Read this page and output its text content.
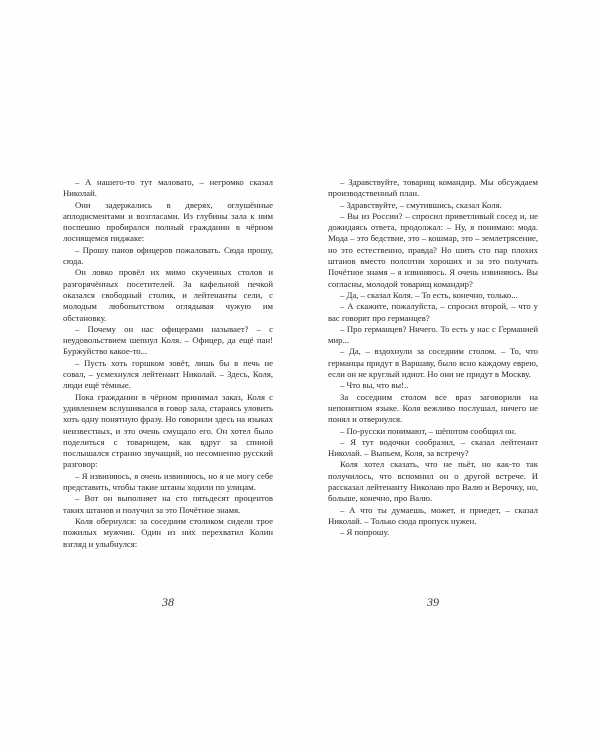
– А нашего-то тут маловато, – негромко сказал Николай.

Они задержались в дверях, оглушённые аплодисментами и возгласами. Из глубины зала к ним поспешно пробирался полный гражданин в чёрном лоснящемся пиджаке:

– Прошу панов офицеров пожаловать. Сюда прошу, сюда.

Он ловко провёл их мимо скученных столов и разгорячённых посетителей. За кафельной печкой оказался свободный столик, и лейтенанты сели, с молодым любопытством оглядывая чужую им обстановку.

– Почему он нас офицерами называет? – с неудовольствием шепнул Коля. – Офицер, да ещё пан! Буржуйство какое-то...

– Пусть хоть горшком зовёт, лишь бы в печь не совал, – усмехнулся лейтенант Николай. – Здесь, Коля, люди ещё тёмные.

Пока гражданин в чёрном принимал заказ, Коля с удивлением вслушивался в говор зала, стараясь уловить хоть одну понятную фразу. Но говорили здесь на языках неизвестных, и это очень смущало его. Он хотел было поделиться с товарищем, как вдруг за спиной послышался странно звучащий, но несомненно русский разговор:

– Я извиняюсь, я очень извиняюсь, но я не могу себе представить, чтобы такие штаны ходили по улицам.

– Вот он выполняет на сто пятьдесят процентов таких штанов и получил за это Почётное знамя.

Коля обернулся: за соседним столиком сидели трое пожилых мужчин. Один из них перехватил Колин взгляд и улыбнулся:

38

– Здравствуйте, товарищ командир. Мы обсуждаем производственный план.

– Здравствуйте, – смутившись, сказал Коля.

– Вы из России? – спросил приветливый сосед и, не дожидаясь ответа, продолжал: – Ну, я понимаю: мода. Мода – это бедствие, это – кошмар, это – землетрясение, но это естественно, правда? Но шить сто пар плохих штанов вместо полсотни хороших и за это получать Почётное знамя – я извиняюсь. Я очень извиняюсь. Вы согласны, молодой товарищ командир?

– Да, – сказал Коля. – То есть, конечно, только...

– А скажите, пожалуйста, – спросил второй, – что у вас говорят про германцев?

– Про германцев? Ничего. То есть у нас с Германией мир...

– Да, – вздохнули за соседним столом. – То, что германцы придут в Варшаву, было ясно каждому еврею, если он не круглый идиот. Но они не придут в Москву.

– Что вы, что вы!..

За соседним столом все враз заговорили на непонятном языке. Коля вежливо послушал, ничего не понял и отвернулся.

– По-русски понимают, – шёпотом сообщил он.

– Я тут водочки сообразил, – сказал лейтенант Николай. – Выпьем, Коля, за встречу?

Коля хотел сказать, что не пьёт, но как-то так получилось, что вспомнил он о другой встрече. И рассказал лейтенанту Николаю про Валю и Верочку, но, больше, конечно, про Валю.

– А что ты думаешь, может, и приедет, – сказал Николай. – Только сюда пропуск нужен.

– Я попрошу.

39
